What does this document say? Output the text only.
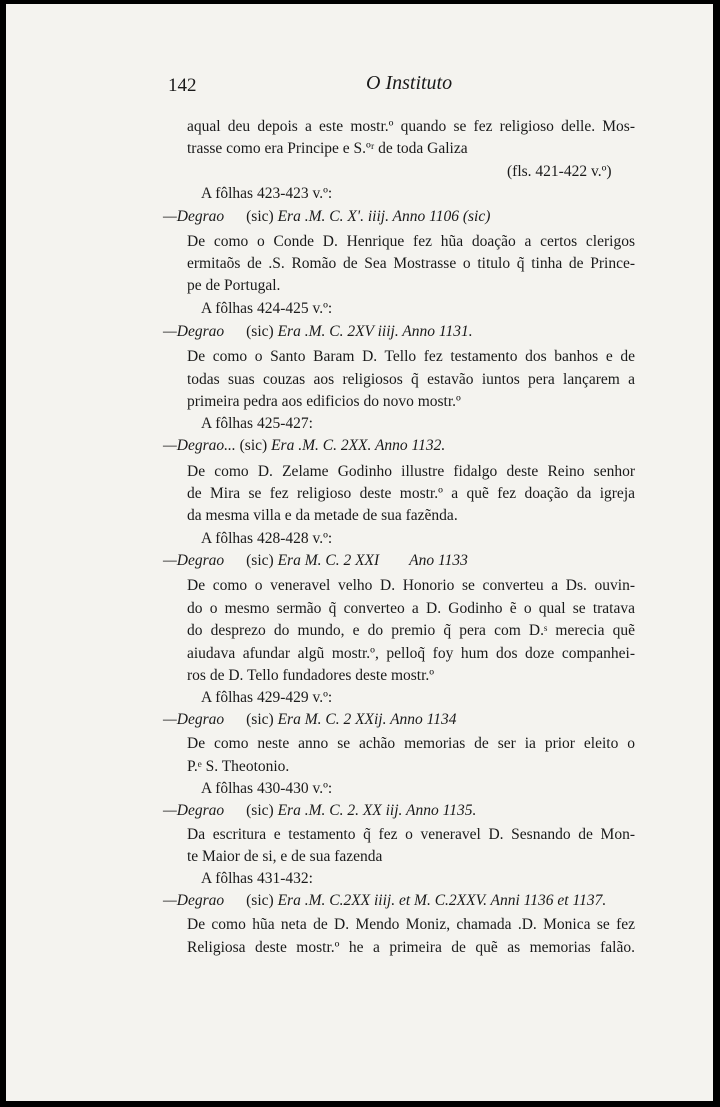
142	O Instituto
aqual deu depois a este mostr.º quando se fez religioso delle. Mos-
trasse como era Principe e S.ºʳ de toda Galiza
(fls. 421-422 v.º)
A fôlhas 423-423 v.º:
—Degrao (sic) Era .M. C. X'. iiij. Anno 1106 (sic)
De como o Conde D. Henrique fez hũa doação a certos clerigos
ermitaõs de .S. Romão de Sea Mostrasse o titulo q̃ tinha de Prince-
pe de Portugal.
A fôlhas 424-425 v.º:
—Degrao (sic) Era .M. C. 2XV iiij. Anno 1131.
De como o Santo Baram D. Tello fez testamento dos banhos e de
todas suas couzas aos religiosos q̃ estavão iuntos pera lançarem a
primeira pedra aos edificios do novo mostr.º
A fôlhas 425-427:
—Degrao... (sic) Era .M. C. 2XX. Anno 1132.
De como D. Zelame Godinho illustre fidalgo deste Reino senhor
de Mira se fez religioso deste mostr.º a quẽ fez doação da igreja
da mesma villa e da metade de sua fazẽnda.
A fôlhas 428-428 v.º:
—Degrao (sic) Era M. C. 2 XXI Ano 1133
De como o veneravel velho D. Honorio se converteu a Ds. ouvin-
do o mesmo sermão q̃ converteo a D. Godinho ẽ o qual se tratava
do desprezo do mundo, e do premio q̃ pera com D.ˢ merecia quẽ
aiudava afundar algũ mostr.º, pelloq̃ foy hum dos doze companhei-
ros de D. Tello fundadores deste mostr.º
A fôlhas 429-429 v.º:
—Degrao (sic) Era M. C. 2 XXij. Anno 1134
De como neste anno se achão memorias de ser ia prior eleito o
P.ᵉ S. Theotonio.
A fôlhas 430-430 v.º:
—Degrao (sic) Era .M. C. 2. XX iij. Anno 1135.
Da escritura e testamento q̃ fez o veneravel D. Sesnando de Mon-
te Maior de si, e de sua fazenda
A fôlhas 431-432:
—Degrao (sic) Era .M. C.2XX iiij. et M. C.2XXV. Anni 1136 et 1137.
De como hũa neta de D. Mendo Moniz, chamada .D. Monica se fez
Religiosa deste mostr.º he a primeira de quẽ as memorias falão.
